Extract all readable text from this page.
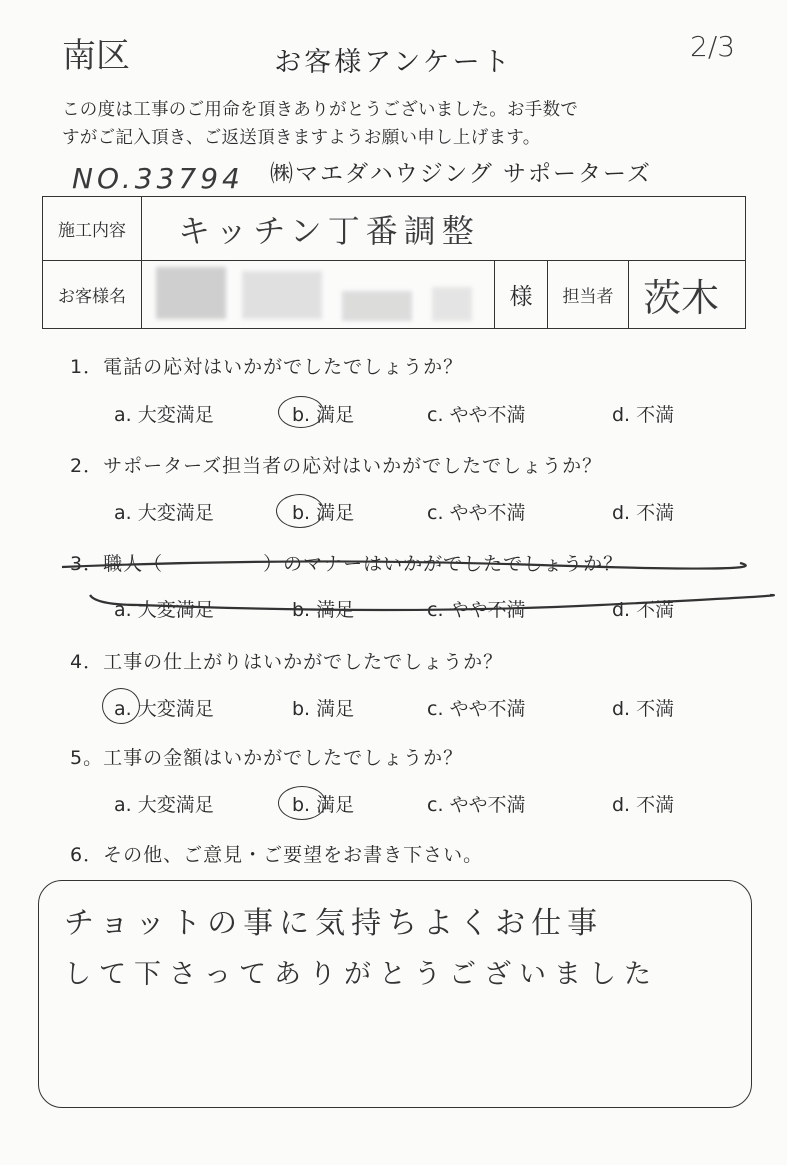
南区	2/3
お客様アンケート
この度は工事のご用命を頂きありがとうございました。お手数で
すがご記入頂き、ご返送頂きますようお願い申し上げます。
NO.33794 ㈱マエダハウジング サポーターズ
施工内容	キッチン丁番調整			
お客様名		様	担当者	茨木
1．電話の応対はいかがでしたでしょうか？
a. 大変満足	b. 満足	c. やや不満	d. 不満
2．サポーターズ担当者の応対はいかがでしたでしょうか？
a. 大変満足	b. 満足	c. やや不満	d. 不満
3．職人（　　　　　）のマナーはいかがでしたでしょうか？
a. 大変満足	b. 満足	c. やや不満	d. 不満
4．工事の仕上がりはいかがでしたでしょうか？
a. 大変満足	b. 満足	c. やや不満	d. 不満
5。工事の金額はいかがでしたでしょうか？
a. 大変満足	b. 満足	c. やや不満	d. 不満
6．その他、ご意見・ご要望をお書き下さい。
チョットの事に気持ちよくお仕事
して下さってありがとうございました
